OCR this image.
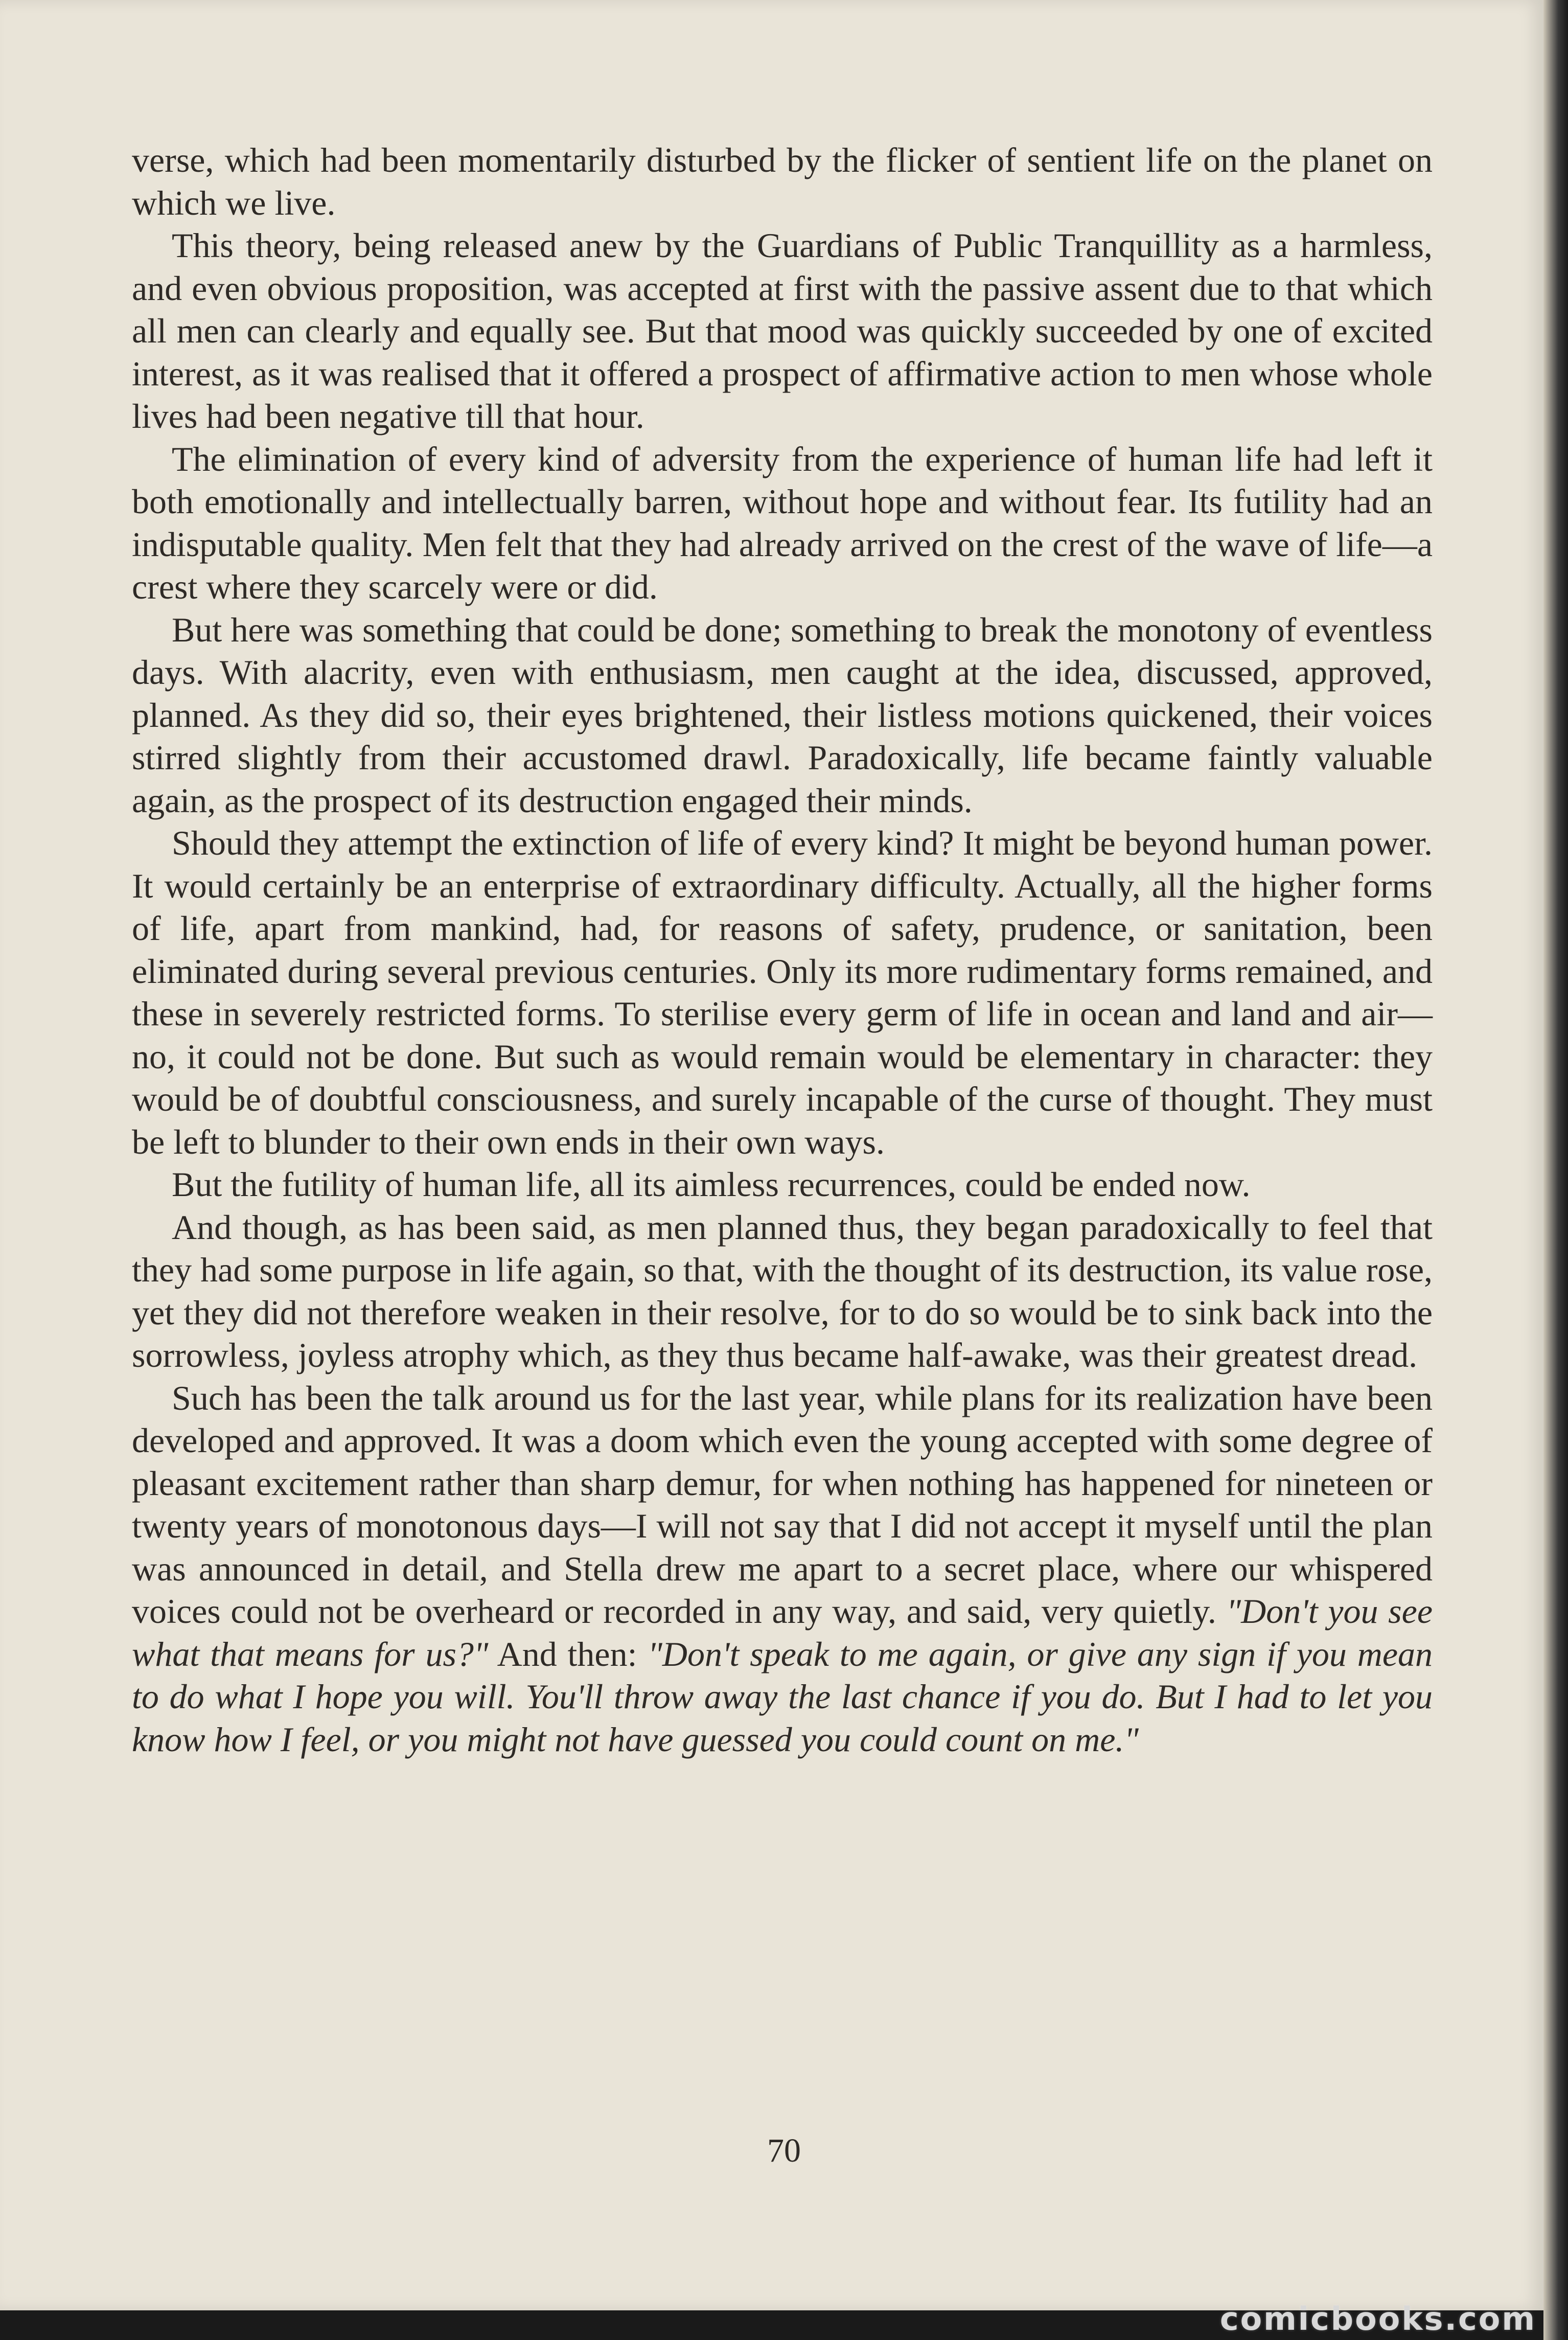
verse, which had been momentarily disturbed by the flicker of sentient life on the planet on which we live.

This theory, being released anew by the Guardians of Public Tranquillity as a harmless, and even obvious proposition, was accepted at first with the passive assent due to that which all men can clearly and equally see. But that mood was quickly succeeded by one of excited interest, as it was realised that it offered a prospect of affirmative action to men whose whole lives had been negative till that hour.

The elimination of every kind of adversity from the experience of human life had left it both emotionally and intellectually barren, without hope and without fear. Its futility had an indisputable quality. Men felt that they had already arrived on the crest of the wave of life—a crest where they scarcely were or did.

But here was something that could be done; something to break the monotony of eventless days. With alacrity, even with enthusiasm, men caught at the idea, discussed, approved, planned. As they did so, their eyes brightened, their listless motions quickened, their voices stirred slightly from their accustomed drawl. Paradoxically, life became faintly valuable again, as the prospect of its destruction engaged their minds.

Should they attempt the extinction of life of every kind? It might be beyond human power. It would certainly be an enterprise of extraordinary difficulty. Actually, all the higher forms of life, apart from mankind, had, for reasons of safety, prudence, or sanitation, been eliminated during several previous centuries. Only its more rudimentary forms remained, and these in severely restricted forms. To sterilise every germ of life in ocean and land and air—no, it could not be done. But such as would remain would be elementary in character: they would be of doubtful consciousness, and surely incapable of the curse of thought. They must be left to blunder to their own ends in their own ways.

But the futility of human life, all its aimless recurrences, could be ended now.

And though, as has been said, as men planned thus, they began paradoxically to feel that they had some purpose in life again, so that, with the thought of its destruction, its value rose, yet they did not therefore weaken in their resolve, for to do so would be to sink back into the sorrowless, joyless atrophy which, as they thus became half-awake, was their greatest dread.

Such has been the talk around us for the last year, while plans for its realization have been developed and approved. It was a doom which even the young accepted with some degree of pleasant excitement rather than sharp demur, for when nothing has happened for nineteen or twenty years of monotonous days—I will not say that I did not accept it myself until the plan was announced in detail, and Stella drew me apart to a secret place, where our whispered voices could not be overheard or recorded in any way, and said, very quietly. "Don't you see what that means for us?" And then: "Don't speak to me again, or give any sign if you mean to do what I hope you will. You'll throw away the last chance if you do. But I had to let you know how I feel, or you might not have guessed you could count on me."

70
comicbooks.com
